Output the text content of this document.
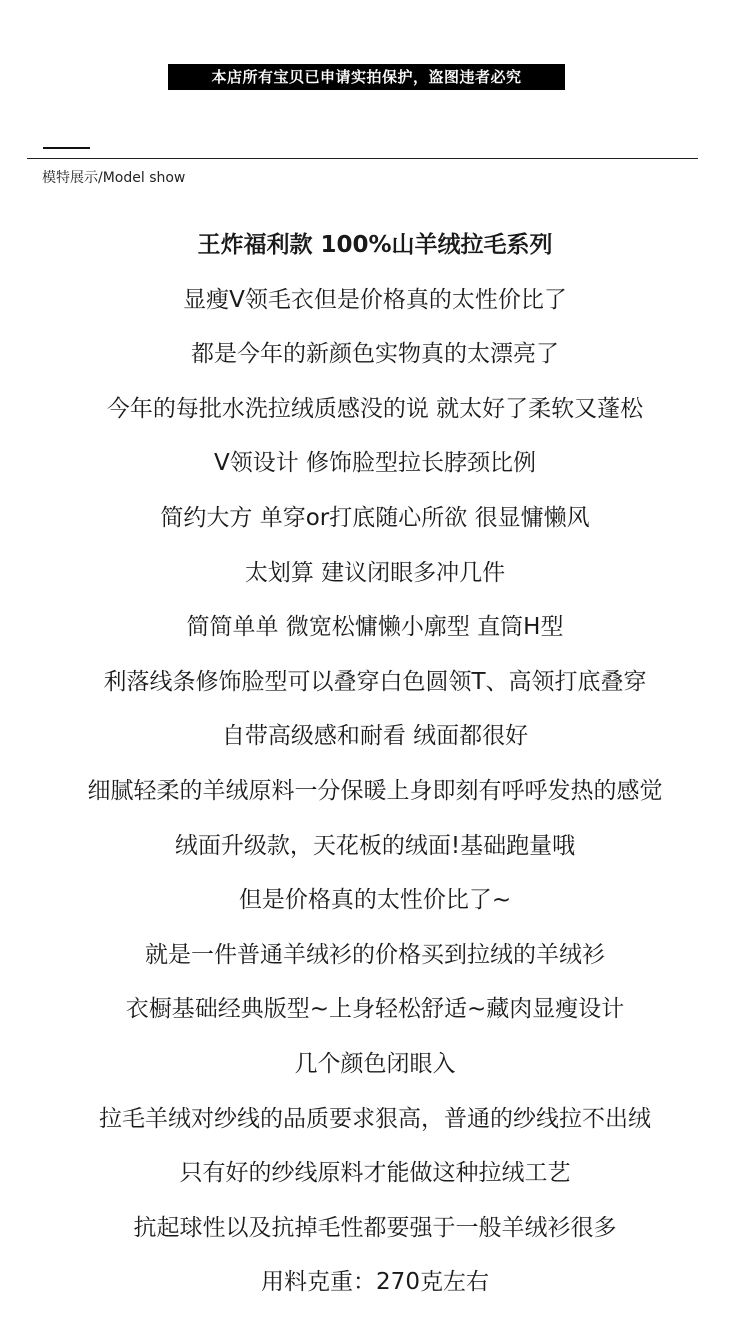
本店所有宝贝已申请实拍保护，盗图违者必究
模特展示/Model show
王炸福利款 100%山羊绒拉毛系列
显瘦V领毛衣但是价格真的太性价比了
都是今年的新颜色实物真的太漂亮了
今年的每批水洗拉绒质感没的说 就太好了柔软又蓬松
V领设计 修饰脸型拉长脖颈比例
简约大方 单穿or打底随心所欲 很显慵懒风
太划算 建议闭眼多冲几件
简简单单 微宽松慵懒小廓型 直筒H型
利落线条修饰脸型可以叠穿白色圆领T、高领打底叠穿
自带高级感和耐看 绒面都很好
细腻轻柔的羊绒原料一分保暖上身即刻有呼呼发热的感觉
绒面升级款，天花板的绒面!基础跑量哦
但是价格真的太性价比了~
就是一件普通羊绒衫的价格买到拉绒的羊绒衫
衣橱基础经典版型~上身轻松舒适~藏肉显瘦设计
几个颜色闭眼入
拉毛羊绒对纱线的品质要求狠高，普通的纱线拉不出绒
只有好的纱线原料才能做这种拉绒工艺
抗起球性以及抗掉毛性都要强于一般羊绒衫很多
用料克重：270克左右
